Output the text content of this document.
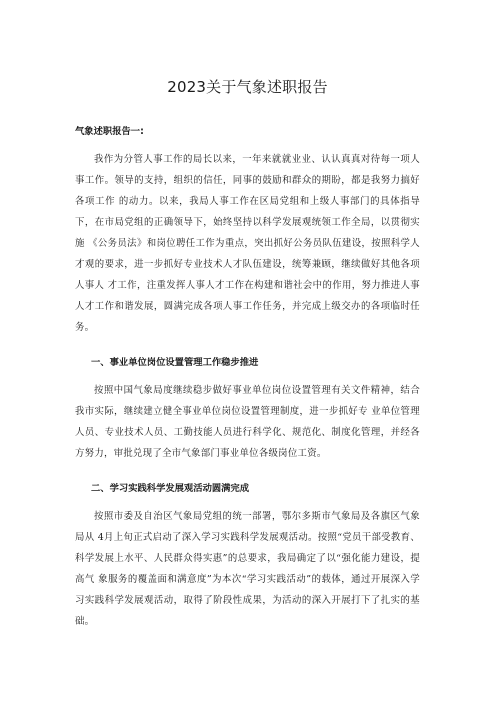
2023关于气象述职报告
气象述职报告一:

我作为分管人事工作的局长以来，一年来就就业业、认认真真对待每一项人事工作。领导的支持，组织的信任，同事的鼓励和群众的期盼，都是我努力搞好各项工作 的动力。以来，我局人事工作在区局党组和上级人事部门的具体指导下，在市局党组的正确领导下，始终坚持以科学发展观统领工作全局，以贯彻实施 《公务员法》和岗位聘任工作为重点，突出抓好公务员队伍建设，按照科学人才观的要求，进一步抓好专业技术人才队伍建设，统筹兼顾，继续做好其他各项人事人 才工作，注重发挥人事人才工作在构建和谐社会中的作用，努力推进人事人才工作和谐发展，圆满完成各项人事工作任务，并完成上级交办的各项临时任务。

一、事业单位岗位设置管理工作稳步推进

按照中国气象局度继续稳步做好事业单位岗位设置管理有关文件精神，结合我市实际，继续建立健全事业单位岗位设置管理制度，进一步抓好专 业单位管理人员、专业技术人员、工勤技能人员进行科学化、规范化、制度化管理，并经各方努力，审批兑现了全市气象部门事业单位各级岗位工资。

二、学习实践科学发展观活动圆满完成

按照市委及自治区气象局党组的统一部署，鄂尔多斯市气象局及各旗区气象局从 4月上旬正式启动了深入学习实践科学发展观活动。按照“党员干部受教育、科学发展上水平、人民群众得实惠”的总要求，我局确定了以“强化能力建设，提高气 象服务的覆盖面和满意度”为本次“学习实践活动”的载体，通过开展深入学习实践科学发展观活动，取得了阶段性成果，为活动的深入开展打下了扎实的基础。
